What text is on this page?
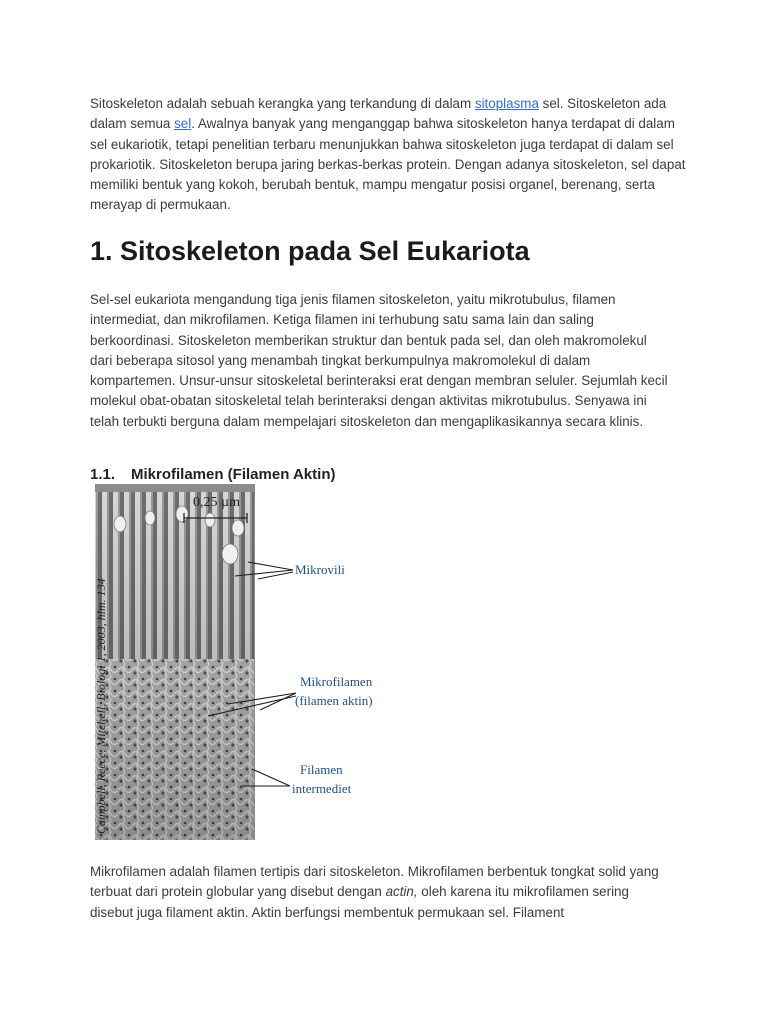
Sitoskeleton adalah sebuah kerangka yang terkandung di dalam sitoplasma sel. Sitoskeleton ada dalam semua sel. Awalnya banyak yang menganggap bahwa sitoskeleton hanya terdapat di dalam sel eukariotik, tetapi penelitian terbaru menunjukkan bahwa sitoskeleton juga terdapat di dalam sel prokariotik. Sitoskeleton berupa jaring berkas-berkas protein. Dengan adanya sitoskeleton, sel dapat memiliki bentuk yang kokoh, berubah bentuk, mampu mengatur posisi organel, berenang, serta merayap di permukaan.

1. Sitoskeleton pada Sel Eukariota

Sel-sel eukariota mengandung tiga jenis filamen sitoskeleton, yaitu mikrotubulus, filamen intermediat, dan mikrofilamen. Ketiga filamen ini terhubung satu sama lain dan saling berkoordinasi. Sitoskeleton memberikan struktur dan bentuk pada sel, dan oleh makromolekul dari beberapa sitosol yang menambah tingkat berkumpulnya makromolekul di dalam kompartemen. Unsur-unsur sitoskeletal berinteraksi erat dengan membran seluler. Sejumlah kecil molekul obat-obatan sitoskeletal telah berinteraksi dengan aktivitas mikrotubulus. Senyawa ini telah terbukti berguna dalam mempelajari sitoskeleton dan mengaplikasikannya secara klinis.

1.1. Mikrofilamen (Filamen Aktin)
Campbell, Reece, Mitchell, Biologi 1, 2003, hlm. 134
0,25 µm
Mikrovili
Mikrofilamen
(filamen aktin)
Filamen
intermediet

Mikrofilamen adalah filamen tertipis dari sitoskeleton. Mikrofilamen berbentuk tongkat solid yang terbuat dari protein globular yang disebut dengan actin, oleh karena itu mikrofilamen sering disebut juga filament aktin. Aktin berfungsi membentuk permukaan sel. Filament
